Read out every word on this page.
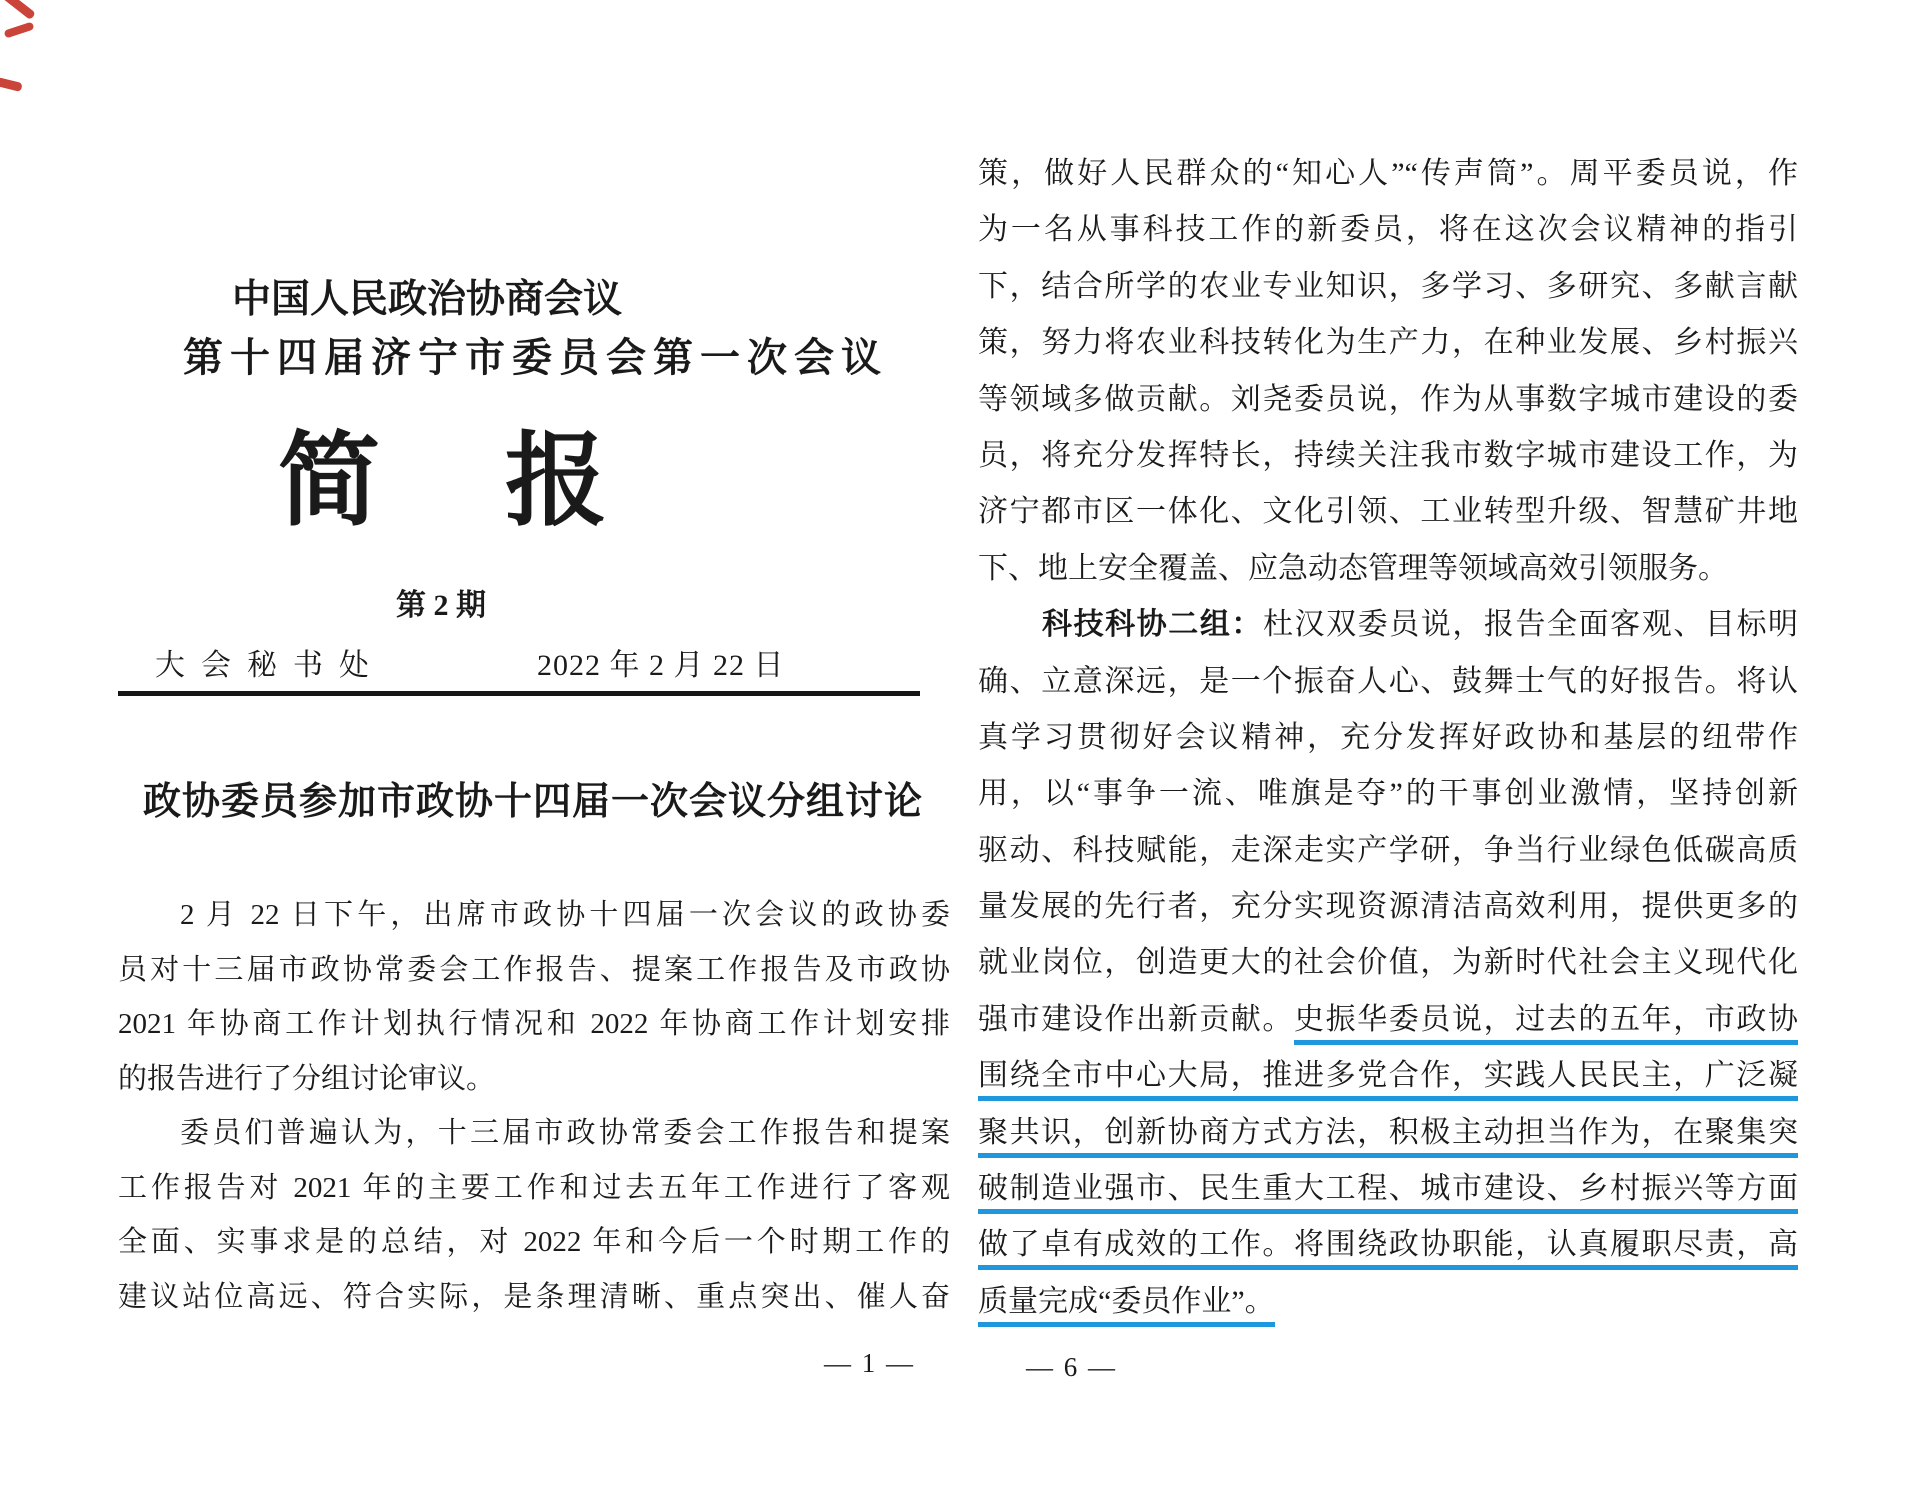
中国人民政治协商会议
第十四届济宁市委员会第一次会议
简 报
第 2 期
大会秘书处	2022 年 2 月 22 日
政协委员参加市政协十四届一次会议分组讨论
2 月 22 日下午，出席市政协十四届一次会议的政协委
员对十三届市政协常委会工作报告、提案工作报告及市政协
2021 年协商工作计划执行情况和 2022 年协商工作计划安排
的报告进行了分组讨论审议。
委员们普遍认为，十三届市政协常委会工作报告和提案
工作报告对 2021 年的主要工作和过去五年工作进行了客观
全面、实事求是的总结，对 2022 年和今后一个时期工作的
建议站位高远、符合实际，是条理清晰、重点突出、催人奋
— 1 —
策，做好人民群众的“知心人”“传声筒”。周平委员说，作
为一名从事科技工作的新委员，将在这次会议精神的指引
下，结合所学的农业专业知识，多学习、多研究、多献言献
策，努力将农业科技转化为生产力，在种业发展、乡村振兴
等领域多做贡献。刘尧委员说，作为从事数字城市建设的委
员，将充分发挥特长，持续关注我市数字城市建设工作，为
济宁都市区一体化、文化引领、工业转型升级、智慧矿井地
下、地上安全覆盖、应急动态管理等领域高效引领服务。
科技科协二组：杜汉双委员说，报告全面客观、目标明
确、立意深远，是一个振奋人心、鼓舞士气的好报告。将认
真学习贯彻好会议精神，充分发挥好政协和基层的纽带作
用，以“事争一流、唯旗是夺”的干事创业激情，坚持创新
驱动、科技赋能，走深走实产学研，争当行业绿色低碳高质
量发展的先行者，充分实现资源清洁高效利用，提供更多的
就业岗位，创造更大的社会价值，为新时代社会主义现代化
强市建设作出新贡献。史振华委员说，过去的五年，市政协
围绕全市中心大局，推进多党合作，实践人民民主，广泛凝
聚共识，创新协商方式方法，积极主动担当作为，在聚集突
破制造业强市、民生重大工程、城市建设、乡村振兴等方面
做了卓有成效的工作。将围绕政协职能，认真履职尽责，高
质量完成“委员作业”。
— 6 —
